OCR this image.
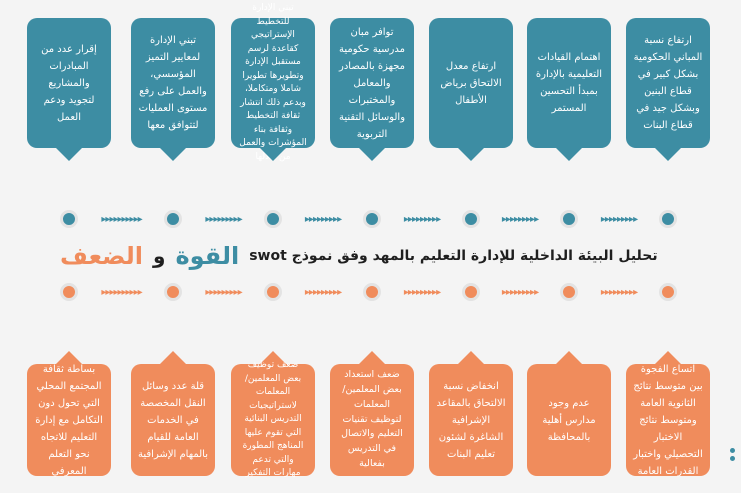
ارتفاع نسبة المباني الحكومية بشكل كبير في قطاع البنين وبشكل جيد في قطاع البنات
اهتمام القيادات التعليمية بالإدارة بمبدأ التحسين المستمر
ارتفاع معدل الالتحاق برياض الأطفال
توافر مبان مدرسية حكومية مجهزة بالمصادر والمعامل والمختبرات والوسائل التقنية التربوية
تبني الإدارة للتخطيط الإستراتيجي كقاعدة لرسم مستقبل الإدارة وتطويرها تطويرا شاملا ومتكاملا، وبدعم ذلك انتشار ثقافة التخطيط وثقافة بناء المؤشرات والعمل من خلالها
تبني الإدارة لمعايير التميز المؤسسي، والعمل على رفع مستوى العمليات لتتوافق معها
إقرار عدد من المبادرات والمشاريع لتجويد ودعم العمل
▸▸▸▸▸▸▸▸▸
▸▸▸▸▸▸▸▸▸
▸▸▸▸▸▸▸▸▸
▸▸▸▸▸▸▸▸▸
▸▸▸▸▸▸▸▸▸
▸▸▸▸▸▸▸▸▸▸
تحليل البيئة الداخلية للإدارة التعليم بالمهد وفق نموذج swot
القوة
و
الضعف
▸▸▸▸▸▸▸▸▸
▸▸▸▸▸▸▸▸▸
▸▸▸▸▸▸▸▸▸
▸▸▸▸▸▸▸▸▸
▸▸▸▸▸▸▸▸▸
▸▸▸▸▸▸▸▸▸▸
اتساع الفجوة بين متوسط نتائج الثانوية العامة ومتوسط نتائج الاختبار التحصيلي واختبار القدرات العامة
عدم وجود مدارس أهلية بالمحافظة
انخفاض نسبة الالتحاق بالمقاعد الإشرافية الشاغرة لشئون تعليم البنات
ضعف استعداد بعض المعلمين/المعلمات لتوظيف تقنيات التعليم والاتصال في التدريس بفعالية
ضعف توظيف بعض المعلمين/المعلمات لاستراتيجيات التدريس البنائية التي تقوم عليها المناهج المطورة والتي تدعم مهارات التفكير
قلة عدد وسائل النقل المخصصة في الخدمات العامة للقيام بالمهام الإشرافية
بساطة ثقافة المجتمع المحلي التي تحول دون التكامل مع إدارة التعليم للاتجاه نحو التعلم المعرفي
